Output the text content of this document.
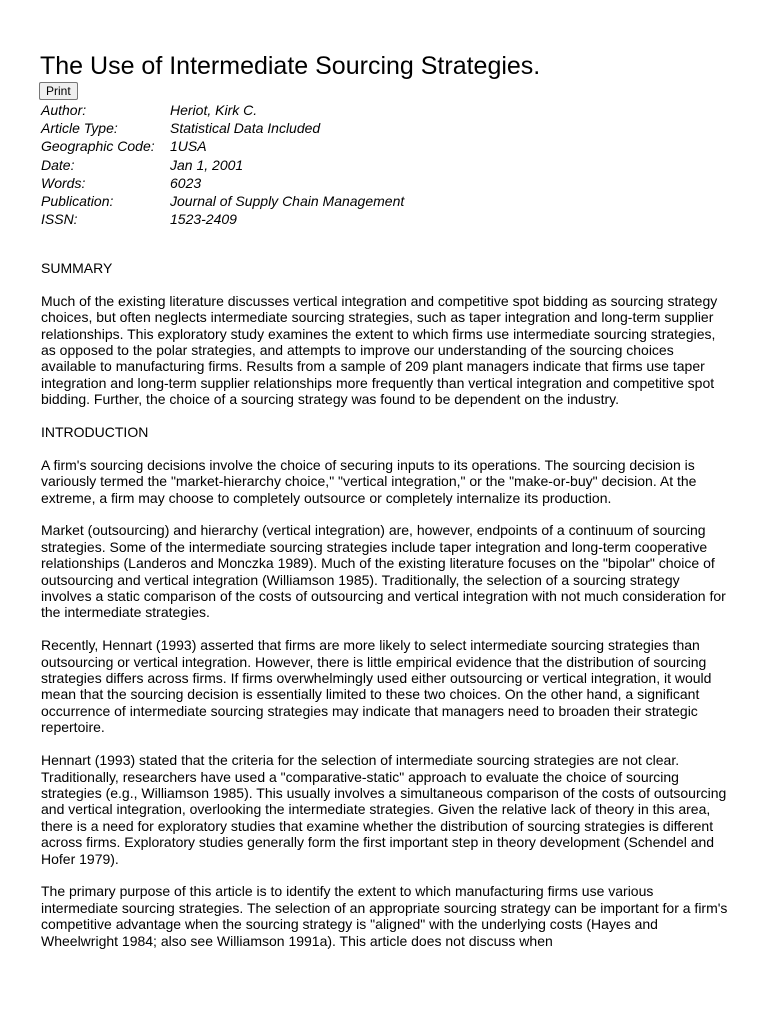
The Use of Intermediate Sourcing Strategies.
Print
Author:	Heriot, Kirk C.
Article Type:	Statistical Data Included
Geographic Code:	1USA
Date:	Jan 1, 2001
Words:	6023
Publication:	Journal of Supply Chain Management
ISSN:	1523-2409

SUMMARY

Much of the existing literature discusses vertical integration and competitive spot bidding as sourcing strategy choices, but often neglects intermediate sourcing strategies, such as taper integration and long-term supplier relationships. This exploratory study examines the extent to which firms use intermediate sourcing strategies, as opposed to the polar strategies, and attempts to improve our understanding of the sourcing choices available to manufacturing firms. Results from a sample of 209 plant managers indicate that firms use taper integration and long-term supplier relationships more frequently than vertical integration and competitive spot bidding. Further, the choice of a sourcing strategy was found to be dependent on the industry.

INTRODUCTION

A firm's sourcing decisions involve the choice of securing inputs to its operations. The sourcing decision is variously termed the "market-hierarchy choice," "vertical integration," or the "make-or-buy" decision. At the extreme, a firm may choose to completely outsource or completely internalize its production.

Market (outsourcing) and hierarchy (vertical integration) are, however, endpoints of a continuum of sourcing strategies. Some of the intermediate sourcing strategies include taper integration and long-term cooperative relationships (Landeros and Monczka 1989). Much of the existing literature focuses on the "bipolar" choice of outsourcing and vertical integration (Williamson 1985). Traditionally, the selection of a sourcing strategy involves a static comparison of the costs of outsourcing and vertical integration with not much consideration for the intermediate strategies.

Recently, Hennart (1993) asserted that firms are more likely to select intermediate sourcing strategies than outsourcing or vertical integration. However, there is little empirical evidence that the distribution of sourcing strategies differs across firms. If firms overwhelmingly used either outsourcing or vertical integration, it would mean that the sourcing decision is essentially limited to these two choices. On the other hand, a significant occurrence of intermediate sourcing strategies may indicate that managers need to broaden their strategic repertoire.

Hennart (1993) stated that the criteria for the selection of intermediate sourcing strategies are not clear. Traditionally, researchers have used a "comparative-static" approach to evaluate the choice of sourcing strategies (e.g., Williamson 1985). This usually involves a simultaneous comparison of the costs of outsourcing and vertical integration, overlooking the intermediate strategies. Given the relative lack of theory in this area, there is a need for exploratory studies that examine whether the distribution of sourcing strategies is different across firms. Exploratory studies generally form the first important step in theory development (Schendel and Hofer 1979).

The primary purpose of this article is to identify the extent to which manufacturing firms use various intermediate sourcing strategies. The selection of an appropriate sourcing strategy can be important for a firm's competitive advantage when the sourcing strategy is "aligned" with the underlying costs (Hayes and Wheelwright 1984; also see Williamson 1991a). This article does not discuss when
